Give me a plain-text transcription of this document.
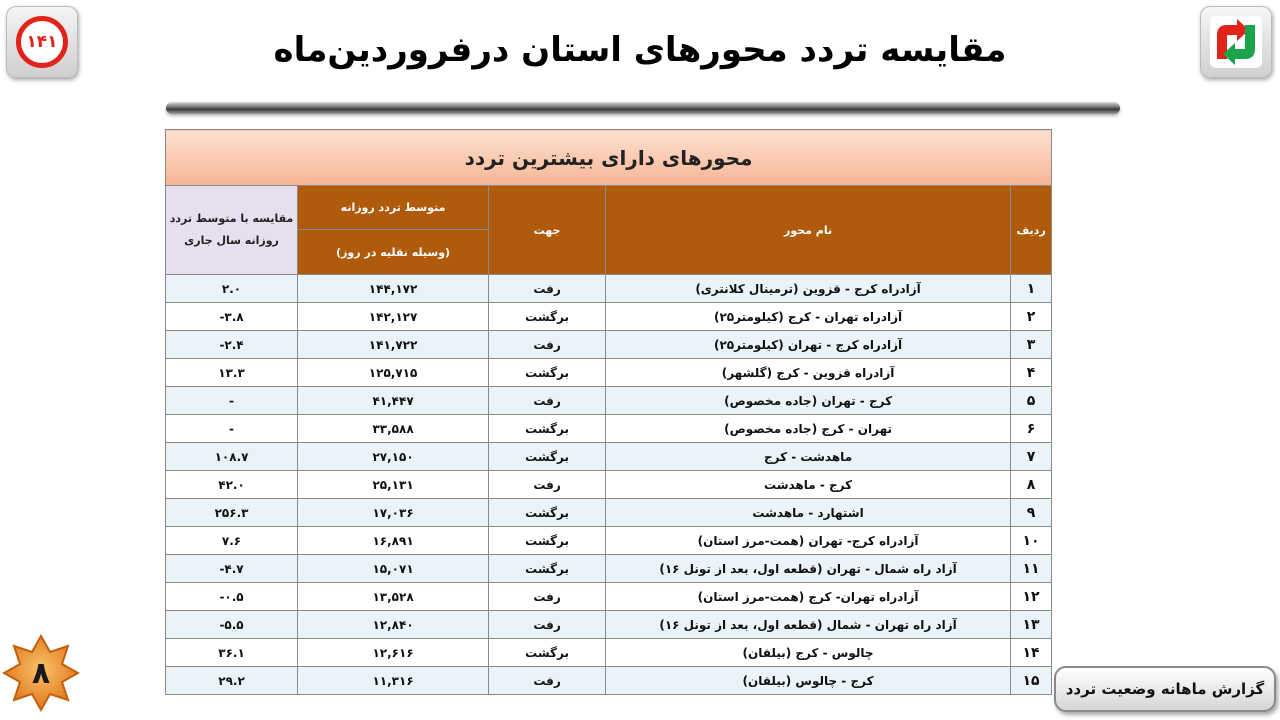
۱۴۱	مقایسه تردد محورهای استان درفروردین‌ماه
محورهای دارای بیشترین تردد				
ردیف	نام محور	جهت	متوسط تردد روزانه	مقایسه با متوسط تردد روزانه سال جاری
			(وسیله نقلیه در روز)	
۱	آزادراه کرج - قزوین (ترمینال کلانتری)	رفت	۱۴۴,۱۷۲	۲.۰
۲	آزادراه تهران - کرج (کیلومتر۲۵)	برگشت	۱۴۲,۱۲۷	-۳.۸
۳	آزادراه کرج - تهران (کیلومتر۲۵)	رفت	۱۴۱,۷۲۲	-۲.۴
۴	آزادراه قزوین - کرج (گلشهر)	برگشت	۱۲۵,۷۱۵	۱۳.۳
۵	کرج - تهران (جاده مخصوص)	رفت	۴۱,۴۴۷	-
۶	تهران - کرج (جاده مخصوص)	برگشت	۳۳,۵۸۸	-
۷	ماهدشت - کرج	برگشت	۲۷,۱۵۰	۱۰۸.۷
۸	کرج - ماهدشت	رفت	۲۵,۱۳۱	۴۲.۰
۹	اشتهارد - ماهدشت	برگشت	۱۷,۰۳۶	۲۵۶.۳
۱۰	آزادراه کرج- تهران (همت-مرز استان)	برگشت	۱۶,۸۹۱	۷.۶
۱۱	آزاد راه شمال - تهران (قطعه اول، بعد از تونل ۱۶)	برگشت	۱۵,۰۷۱	-۴.۷
۱۲	آزادراه تهران- کرج (همت-مرز استان)	رفت	۱۳,۵۲۸	-۰.۵
۱۳	آزاد راه تهران - شمال (قطعه اول، بعد از تونل ۱۶)	رفت	۱۲,۸۴۰	-۵.۵
۱۴	چالوس - کرج (بیلقان)	برگشت	۱۲,۶۱۶	۳۶.۱
۱۵	کرج - چالوس (بیلقان)	رفت	۱۱,۳۱۶	۲۹.۲
۸	گزارش ماهانه وضعیت تردد
